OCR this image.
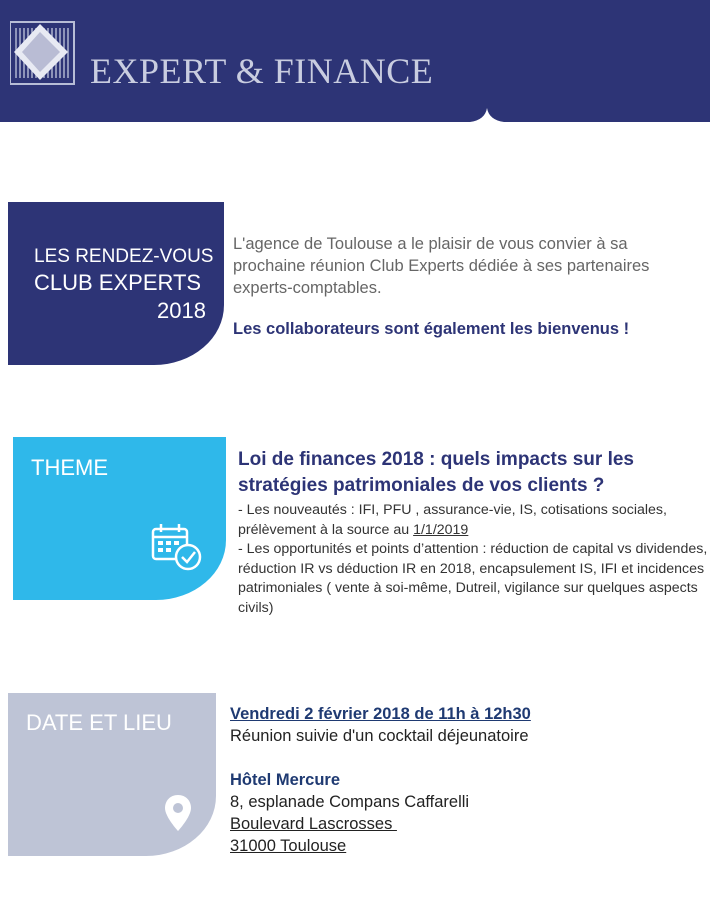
EXPERT & FINANCE
LES RENDEZ-VOUS
CLUB EXPERTS
2018
L'agence de Toulouse a le plaisir de vous convier à sa prochaine réunion Club Experts dédiée à ses partenaires experts-comptables.
Les collaborateurs sont également les bienvenus !
THEME	Loi de finances 2018 : quels impacts sur les stratégies patrimoniales de vos clients ?
- Les nouveautés : IFI, PFU , assurance-vie, IS, cotisations sociales, prélèvement à la source au 1/1/2019
- Les opportunités et points d’attention : réduction de capital vs dividendes, réduction IR vs déduction IR en 2018, encapsulement IS, IFI et incidences patrimoniales ( vente à soi-même, Dutreil, vigilance sur quelques aspects civils)
DATE ET LIEU	Vendredi 2 février 2018 de 11h à 12h30
Réunion suivie d'un cocktail déjeunatoire
Hôtel Mercure
8, esplanade Compans Caffarelli
Boulevard Lascrosses
31000 Toulouse
